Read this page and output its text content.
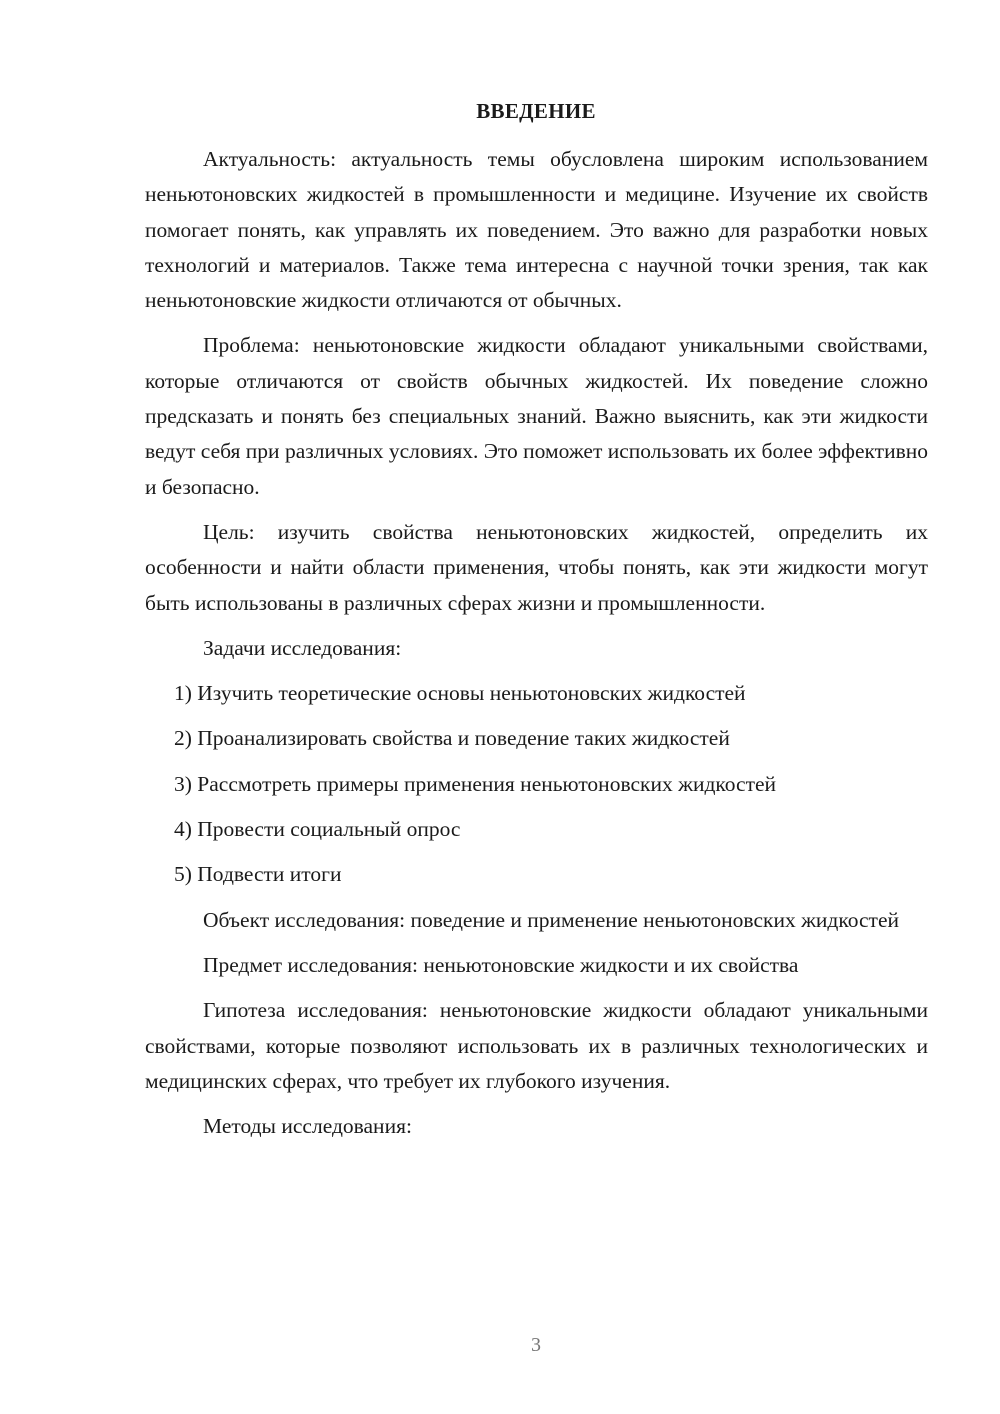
ВВЕДЕНИЕ

Актуальность: актуальность темы обусловлена широким использованием неньютоновских жидкостей в промышленности и медицине. Изучение их свойств помогает понять, как управлять их поведением. Это важно для разработки новых технологий и материалов. Также тема интересна с научной точки зрения, так как неньютоновские жидкости отличаются от обычных.

Проблема: неньютоновские жидкости обладают уникальными свойствами, которые отличаются от свойств обычных жидкостей. Их поведение сложно предсказать и понять без специальных знаний. Важно выяснить, как эти жидкости ведут себя при различных условиях. Это поможет использовать их более эффективно и безопасно.

Цель: изучить свойства неньютоновских жидкостей, определить их особенности и найти области применения, чтобы понять, как эти жидкости могут быть использованы в различных сферах жизни и промышленности.

Задачи исследования:

1) Изучить теоретические основы неньютоновских жидкостей
2) Проанализировать свойства и поведение таких жидкостей
3) Рассмотреть примеры применения неньютоновских жидкостей
4) Провести социальный опрос
5) Подвести итоги

Объект исследования: поведение и применение неньютоновских жидкостей

Предмет исследования: неньютоновские жидкости и их свойства

Гипотеза исследования: неньютоновские жидкости обладают уникальными свойствами, которые позволяют использовать их в различных технологических и медицинских сферах, что требует их глубокого изучения.

Методы исследования:

3
